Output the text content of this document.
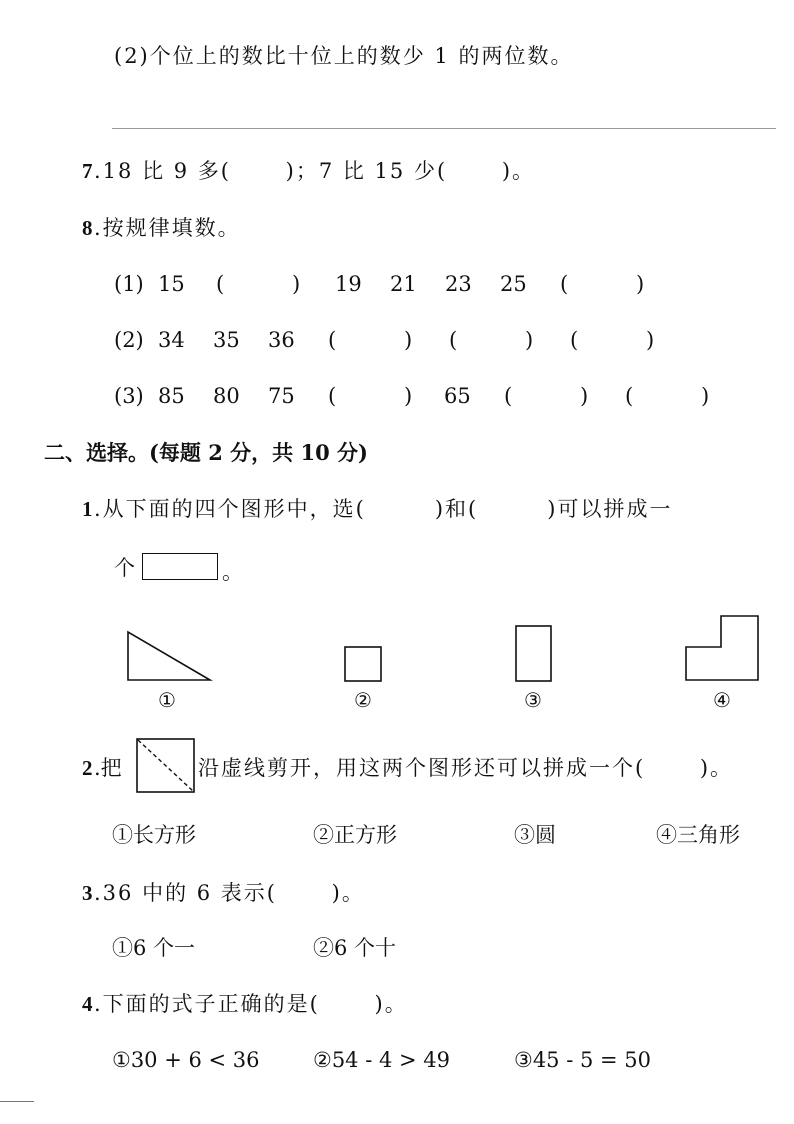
(2)个位上的数比十位上的数少 1 的两位数。
7 .18 比 9 多(　　 )；7 比 15 少(　　 )。
8 .按规律填数。
(1) 15 (	) 19 21 23 25 (	)
(2) 34 35 36 (	) (	) (	)
(3) 85 80 75 (	) 65 (	) (	)
二、选择。(每题 2 分，共 10 分)
1 .从下面的四个图形中，选(　　　)和(　　　)可以拼成一
个	。
①	②	③	④
2 .把	沿虚线剪开，用这两个图形还可以拼成一个(　　 )。
①长方形	②正方形	③圆	④三角形
3 .36 中的 6 表示(　　 )。
①6 个一	②6 个十
4 .下面的式子正确的是(　　 )。
①30 + 6 < 36	②54 - 4 > 49	③45 - 5 = 50
